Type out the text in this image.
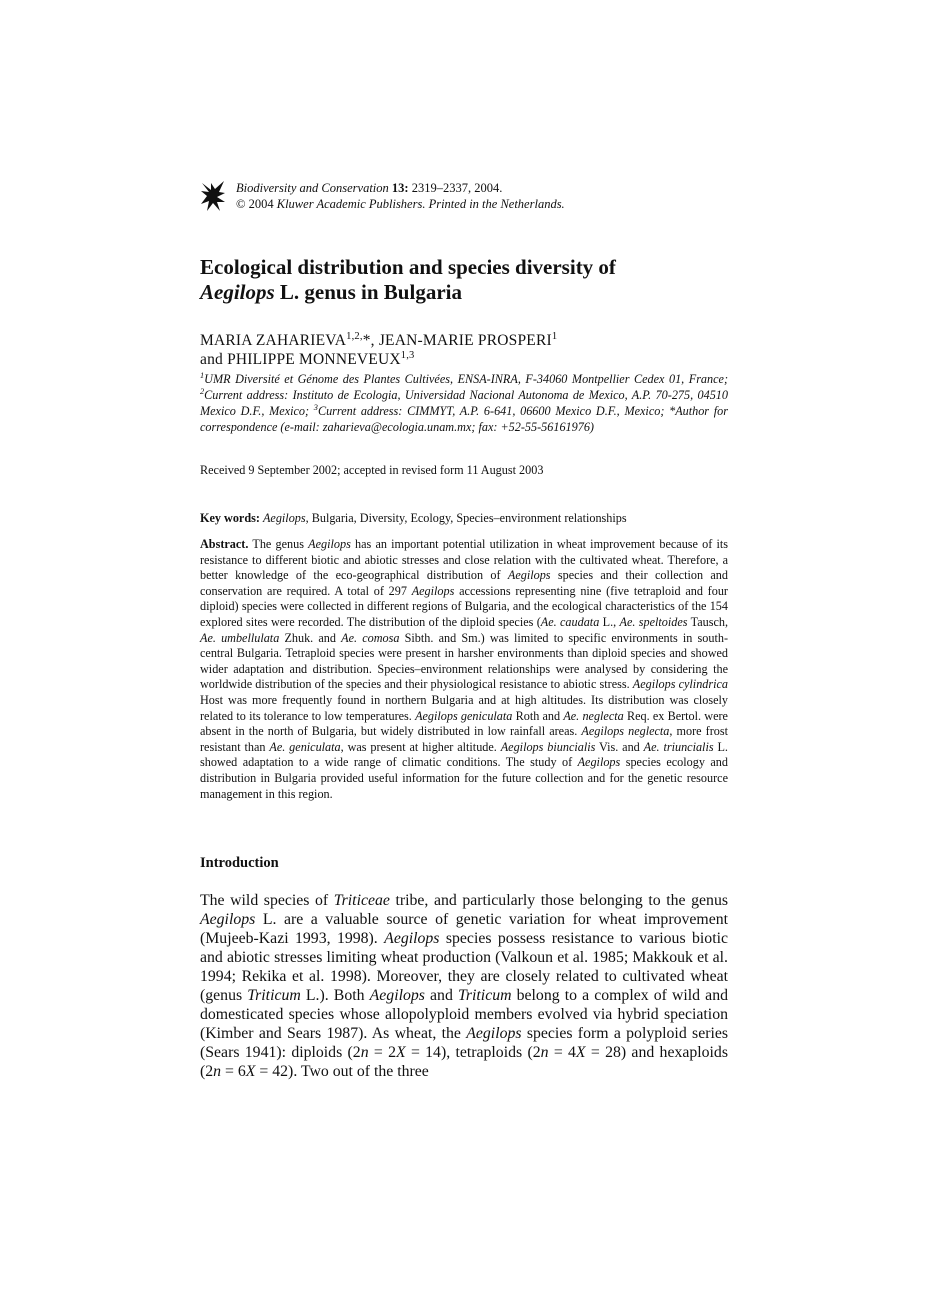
Biodiversity and Conservation 13: 2319–2337, 2004.
© 2004 Kluwer Academic Publishers. Printed in the Netherlands.
Ecological distribution and species diversity of
Aegilops L. genus in Bulgaria
MARIA $ZAHARIEVA^{1,2,}*$, JEAN-MARIE PROSPERI$^1$
and PHILIPPE MONNEVEUX$^{1,3}$
$^1$UMR Diversité et Génome des Plantes Cultivées, ENSA-INRA, F-34060 Montpellier Cedex 01, France; $^2$Current address: Instituto de Ecologia, Universidad Nacional Autonoma de Mexico, A.P. 70-275, 04510 Mexico D.F., Mexico; $^3$Current address: CIMMYT, A.P. 6-641, 06600 Mexico D.F., Mexico; *Author for correspondence (e-mail: zaharieva@ecologia.unam.mx; fax: +52-55-56161976)
Received 9 September 2002; accepted in revised form 11 August 2003
Key words: Aegilops, Bulgaria, Diversity, Ecology, Species–environment relationships
Abstract. The genus Aegilops has an important potential utilization in wheat improvement because of its resistance to different biotic and abiotic stresses and close relation with the cultivated wheat. Therefore, a better knowledge of the eco-geographical distribution of Aegilops species and their collection and conservation are required. A total of 297 Aegilops accessions representing nine (five tetraploid and four diploid) species were collected in different regions of Bulgaria, and the ecological characteristics of the 154 explored sites were recorded. The distribution of the diploid species (Ae. caudata L., Ae. speltoides Tausch, Ae. umbellulata Zhuk. and Ae. comosa Sibth. and Sm.) was limited to specific environments in south-central Bulgaria. Tetraploid species were present in harsher environments than diploid species and showed wider adaptation and distribution. Species–environment relationships were analysed by considering the worldwide distribution of the species and their physiological resistance to abiotic stress. Aegilops cylindrica Host was more frequently found in northern Bulgaria and at high altitudes. Its distribution was closely related to its tolerance to low temperatures. Aegilops geniculata Roth and Ae. neglecta Req. ex Bertol. were absent in the north of Bulgaria, but widely distributed in low rainfall areas. Aegilops neglecta, more frost resistant than Ae. geniculata, was present at higher altitude. Aegilops biuncialis Vis. and Ae. triuncialis L. showed adaptation to a wide range of climatic conditions. The study of Aegilops species ecology and distribution in Bulgaria provided useful information for the future collection and for the genetic resource management in this region.
Introduction
The wild species of Triticeae tribe, and particularly those belonging to the genus Aegilops L. are a valuable source of genetic variation for wheat improvement (Mujeeb-Kazi 1993, 1998). Aegilops species possess resistance to various biotic and abiotic stresses limiting wheat production (Valkoun et al. 1985; Makkouk et al. 1994; Rekika et al. 1998). Moreover, they are closely related to cultivated wheat (genus Triticum L.). Both Aegilops and Triticum belong to a complex of wild and domesticated species whose allopolyploid members evolved via hybrid speciation (Kimber and Sears 1987). As wheat, the Aegilops species form a polyploid series (Sears 1941): diploids (2n = 2X = 14), tetraploids (2n = 4X = 28) and hexaploids (2n = 6X = 42). Two out of the three
